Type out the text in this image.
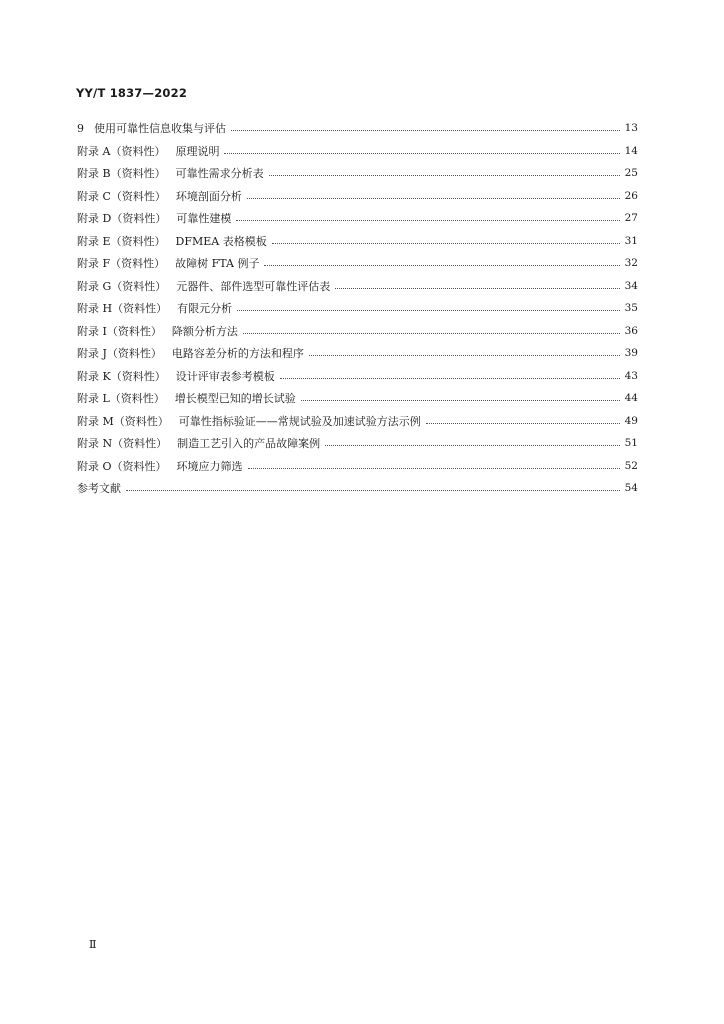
YY/T 1837—2022
9 使用可靠性信息收集与评估	13
附录 A（资料性） 原理说明	14
附录 B（资料性） 可靠性需求分析表	25
附录 C（资料性） 环境剖面分析	26
附录 D（资料性） 可靠性建模	27
附录 E（资料性） DFMEA 表格模板	31
附录 F（资料性） 故障树 FTA 例子	32
附录 G（资料性） 元器件、部件选型可靠性评估表	34
附录 H（资料性） 有限元分析	35
附录 I（资料性） 降额分析方法	36
附录 J（资料性） 电路容差分析的方法和程序	39
附录 K（资料性） 设计评审表参考模板	43
附录 L（资料性） 增长模型已知的增长试验	44
附录 M（资料性） 可靠性指标验证——常规试验及加速试验方法示例	49
附录 N（资料性） 制造工艺引入的产品故障案例	51
附录 O（资料性） 环境应力筛选	52
参考文献	54
Ⅱ
